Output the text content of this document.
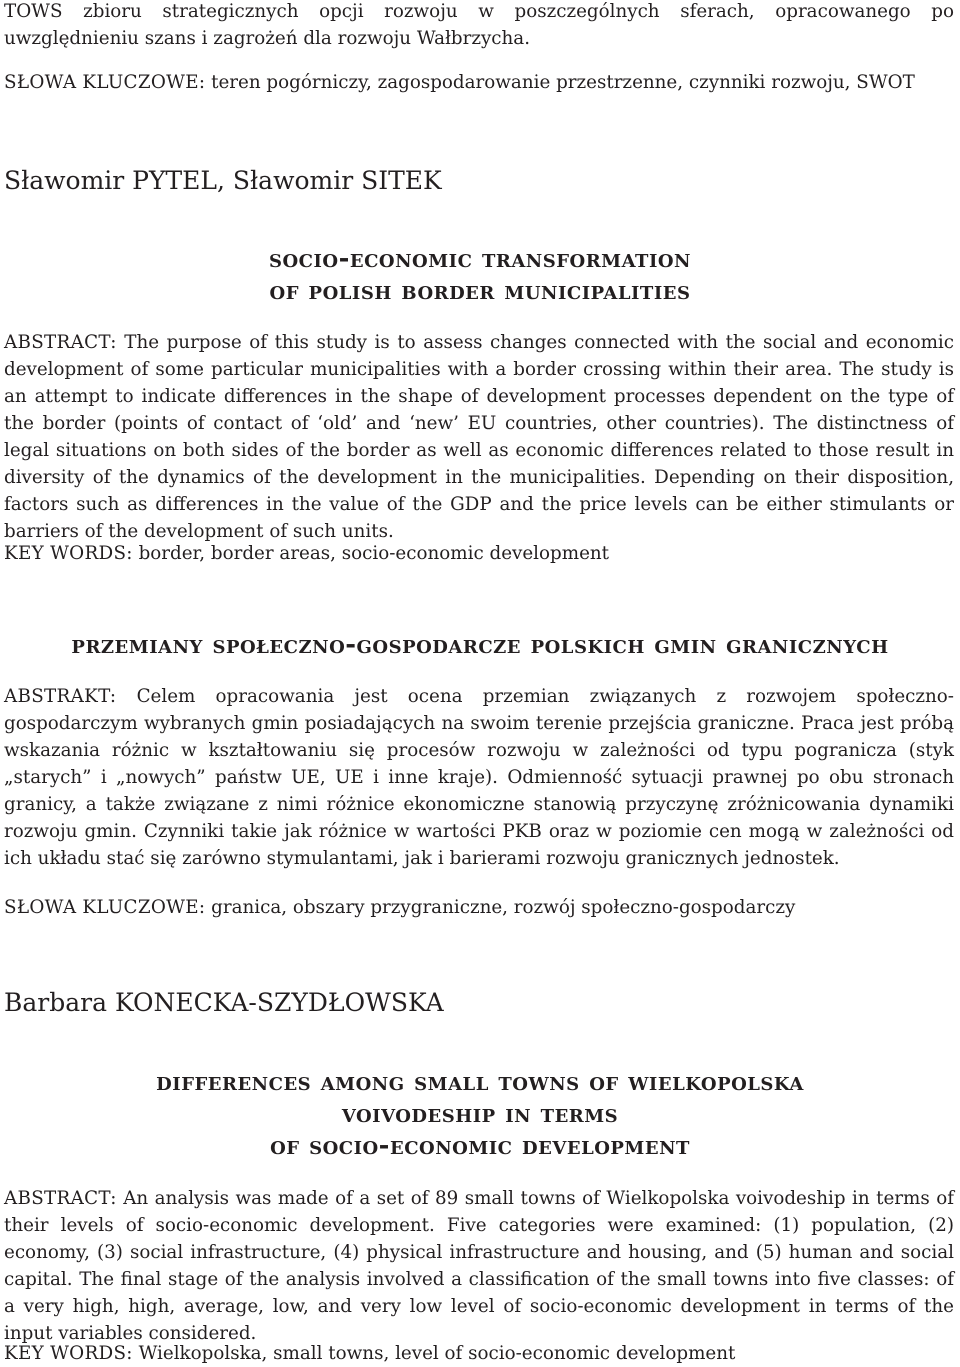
TOWS zbioru strategicznych opcji rozwoju w poszczególnych sferach, opracowanego po uwzględnieniu szans i zagrożeń dla rozwoju Wałbrzycha.

SŁOWA KLUCZOWE: teren pogórniczy, zagospodarowanie przestrzenne, czynniki rozwoju, SWOT

Sławomir PYTEL, Sławomir SITEK

socio-economic transformation
of polish border municipalities

ABSTRACT: The purpose of this study is to assess changes connected with the social and economic development of some particular municipalities with a border crossing within their area. The study is an attempt to indicate differences in the shape of development processes dependent on the type of the border (points of contact of ‘old’ and ‘new’ EU countries, other countries). The distinctness of legal situations on both sides of the border as well as economic differences related to those result in diversity of the dynamics of the development in the municipalities. Depending on their disposition, factors such as differences in the value of the GDP and the price levels can be either stimulants or barriers of the development of such units.

KEY WORDS: border, border areas, socio-economic development

przemiany społeczno-gospodarcze polskich gmin granicznych

ABSTRAKT: Celem opracowania jest ocena przemian związanych z rozwojem społeczno-gospodarczym wybranych gmin posiadających na swoim terenie przejścia graniczne. Praca jest próbą wskazania różnic w kształtowaniu się procesów rozwoju w zależności od typu pogranicza (styk „starych” i „nowych” państw UE, UE i inne kraje). Odmienność sytuacji prawnej po obu stronach granicy, a także związane z nimi różnice ekonomiczne stanowią przyczynę zróżnicowania dynamiki rozwoju gmin. Czynniki takie jak różnice w wartości PKB oraz w poziomie cen mogą w zależności od ich układu stać się zarówno stymulantami, jak i barierami rozwoju granicznych jednostek.

SŁOWA KLUCZOWE: granica, obszary przygraniczne, rozwój społeczno-gospodarczy

Barbara KONECKA-SZYDŁOWSKA

differences among small towns of wielkopolska
voivodeship in terms
of socio-economic development

ABSTRACT: An analysis was made of a set of 89 small towns of Wielkopolska voivodeship in terms of their levels of socio-economic development. Five categories were examined: (1) population, (2) economy, (3) social infrastructure, (4) physical infrastructure and housing, and (5) human and social capital. The final stage of the analysis involved a classification of the small towns into five classes: of a very high, high, average, low, and very low level of socio-economic development in terms of the input variables considered.

KEY WORDS: Wielkopolska, small towns, level of socio-economic development
